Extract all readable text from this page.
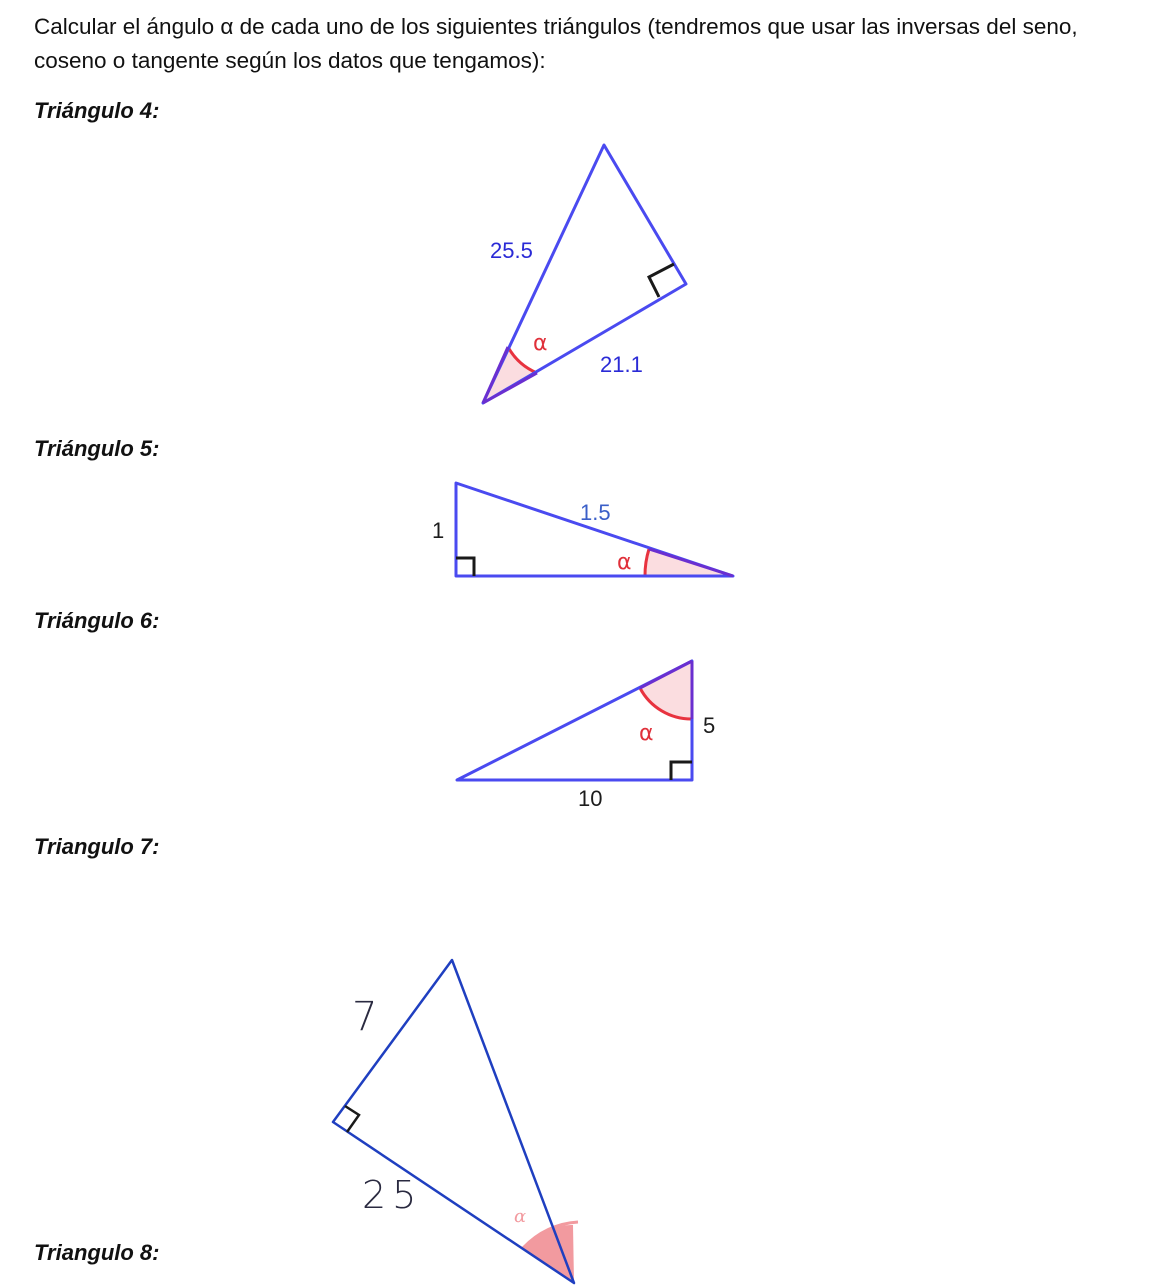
Calcular el ángulo α de cada uno de los siguientes triángulos (tendremos que usar las inversas del seno, coseno o tangente según los datos que tengamos):

Triángulo 4:
25.5
21.1
α
Triángulo 5:
1
1.5
α
Triángulo 6:
5
10
α
Triangulo 7:
7
25	α
Triangulo 8:
